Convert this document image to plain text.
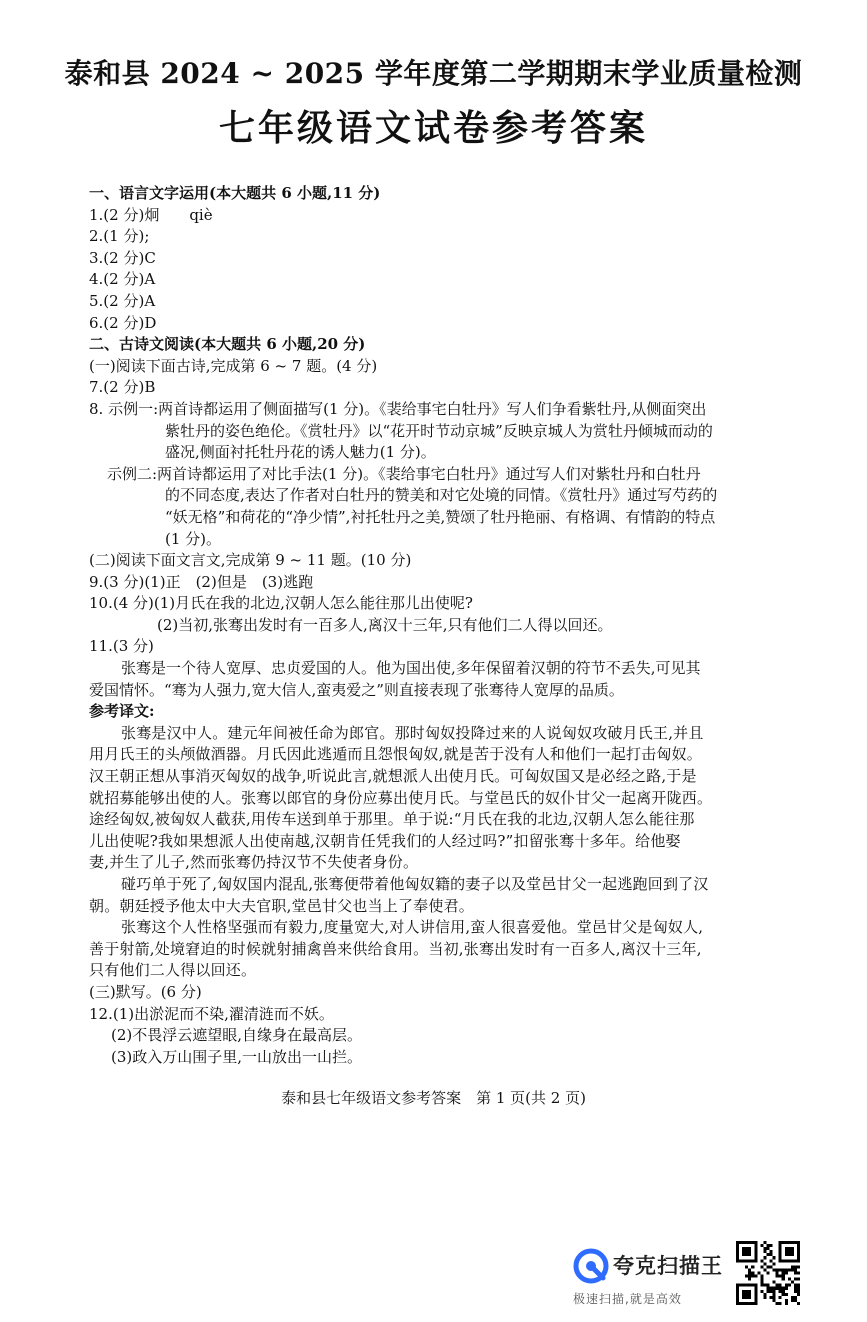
泰和县 2024 ~ 2025 学年度第二学期期末学业质量检测
七年级语文试卷参考答案
一、语言文字运用(本大题共 6 小题,11 分)
1.(2 分)炯　　qiè
2.(1 分);
3.(2 分)C
4.(2 分)A
5.(2 分)A
6.(2 分)D
二、古诗文阅读(本大题共 6 小题,20 分)
(一)阅读下面古诗,完成第 6 ~ 7 题。(4 分)
7.(2 分)B
8. 示例一:两首诗都运用了侧面描写(1 分)。《裴给事宅白牡丹》写人们争看紫牡丹,从侧面突出
紫牡丹的姿色绝伦。《赏牡丹》以“花开时节动京城”反映京城人为赏牡丹倾城而动的
盛况,侧面衬托牡丹花的诱人魅力(1 分)。
示例二:两首诗都运用了对比手法(1 分)。《裴给事宅白牡丹》通过写人们对紫牡丹和白牡丹
的不同态度,表达了作者对白牡丹的赞美和对它处境的同情。《赏牡丹》通过写芍药的
“妖无格”和荷花的“净少情”,衬托牡丹之美,赞颂了牡丹艳丽、有格调、有情韵的特点
(1 分)。
(二)阅读下面文言文,完成第 9 ~ 11 题。(10 分)
9.(3 分)(1)正　(2)但是　(3)逃跑
10.(4 分)(1)月氏在我的北边,汉朝人怎么能往那儿出使呢?
(2)当初,张骞出发时有一百多人,离汉十三年,只有他们二人得以回还。
11.(3 分)
张骞是一个待人宽厚、忠贞爱国的人。他为国出使,多年保留着汉朝的符节不丢失,可见其
爱国情怀。“骞为人强力,宽大信人,蛮夷爱之”则直接表现了张骞待人宽厚的品质。
参考译文:
张骞是汉中人。建元年间被任命为郎官。那时匈奴投降过来的人说匈奴攻破月氏王,并且
用月氏王的头颅做酒器。月氏因此逃遁而且怨恨匈奴,就是苦于没有人和他们一起打击匈奴。
汉王朝正想从事消灭匈奴的战争,听说此言,就想派人出使月氏。可匈奴国又是必经之路,于是
就招募能够出使的人。张骞以郎官的身份应募出使月氏。与堂邑氏的奴仆甘父一起离开陇西。
途经匈奴,被匈奴人截获,用传车送到单于那里。单于说:“月氏在我的北边,汉朝人怎么能往那
儿出使呢?我如果想派人出使南越,汉朝肯任凭我们的人经过吗?”扣留张骞十多年。给他娶
妻,并生了儿子,然而张骞仍持汉节不失使者身份。
碰巧单于死了,匈奴国内混乱,张骞便带着他匈奴籍的妻子以及堂邑甘父一起逃跑回到了汉
朝。朝廷授予他太中大夫官职,堂邑甘父也当上了奉使君。
张骞这个人性格坚强而有毅力,度量宽大,对人讲信用,蛮人很喜爱他。堂邑甘父是匈奴人,
善于射箭,处境窘迫的时候就射捕禽兽来供给食用。当初,张骞出发时有一百多人,离汉十三年,
只有他们二人得以回还。
(三)默写。(6 分)
12.(1)出淤泥而不染,濯清涟而不妖。
(2)不畏浮云遮望眼,自缘身在最高层。
(3)政入万山围子里,一山放出一山拦。
泰和县七年级语文参考答案　第 1 页(共 2 页)
夸克扫描王
极速扫描,就是高效
